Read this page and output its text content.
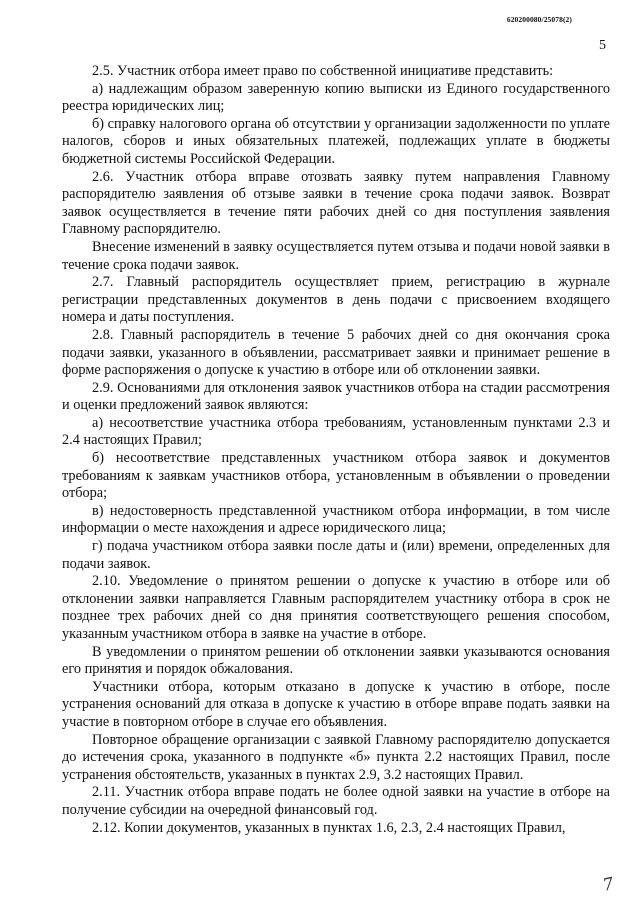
620200080/25078(2)
5

2.5. Участник отбора имеет право по собственной инициативе представить:

а) надлежащим образом заверенную копию выписки из Единого государственного реестра юридических лиц;

б) справку налогового органа об отсутствии у организации задолженности по уплате налогов, сборов и иных обязательных платежей, подлежащих уплате в бюджеты бюджетной системы Российской Федерации.

2.6. Участник отбора вправе отозвать заявку путем направления Главному распорядителю заявления об отзыве заявки в течение срока подачи заявок. Возврат заявок осуществляется в течение пяти рабочих дней со дня поступления заявления Главному распорядителю.

Внесение изменений в заявку осуществляется путем отзыва и подачи новой заявки в течение срока подачи заявок.

2.7. Главный распорядитель осуществляет прием, регистрацию в журнале регистрации представленных документов в день подачи с присвоением входящего номера и даты поступления.

2.8. Главный распорядитель в течение 5 рабочих дней со дня окончания срока подачи заявки, указанного в объявлении, рассматривает заявки и принимает решение в форме распоряжения о допуске к участию в отборе или об отклонении заявки.

2.9. Основаниями для отклонения заявок участников отбора на стадии рассмотрения и оценки предложений заявок являются:

а) несоответствие участника отбора требованиям, установленным пунктами 2.3 и 2.4 настоящих Правил;

б) несоответствие представленных участником отбора заявок и документов требованиям к заявкам участников отбора, установленным в объявлении о проведении отбора;

в) недостоверность представленной участником отбора информации, в том числе информации о месте нахождения и адресе юридического лица;

г) подача участником отбора заявки после даты и (или) времени, определенных для подачи заявок.

2.10. Уведомление о принятом решении о допуске к участию в отборе или об отклонении заявки направляется Главным распорядителем участнику отбора в срок не позднее трех рабочих дней со дня принятия соответствующего решения способом, указанным участником отбора в заявке на участие в отборе.

В уведомлении о принятом решении об отклонении заявки указываются основания его принятия и порядок обжалования.

Участники отбора, которым отказано в допуске к участию в отборе, после устранения оснований для отказа в допуске к участию в отборе вправе подать заявки на участие в повторном отборе в случае его объявления.

Повторное обращение организации с заявкой Главному распорядителю допускается до истечения срока, указанного в подпункте «б» пункта 2.2 настоящих Правил, после устранения обстоятельств, указанных в пунктах 2.9, 3.2 настоящих Правил.

2.11. Участник отбора вправе подать не более одной заявки на участие в отборе на получение субсидии на очередной финансовый год.

2.12. Копии документов, указанных в пунктах 1.6, 2.3, 2.4 настоящих Правил,

7
